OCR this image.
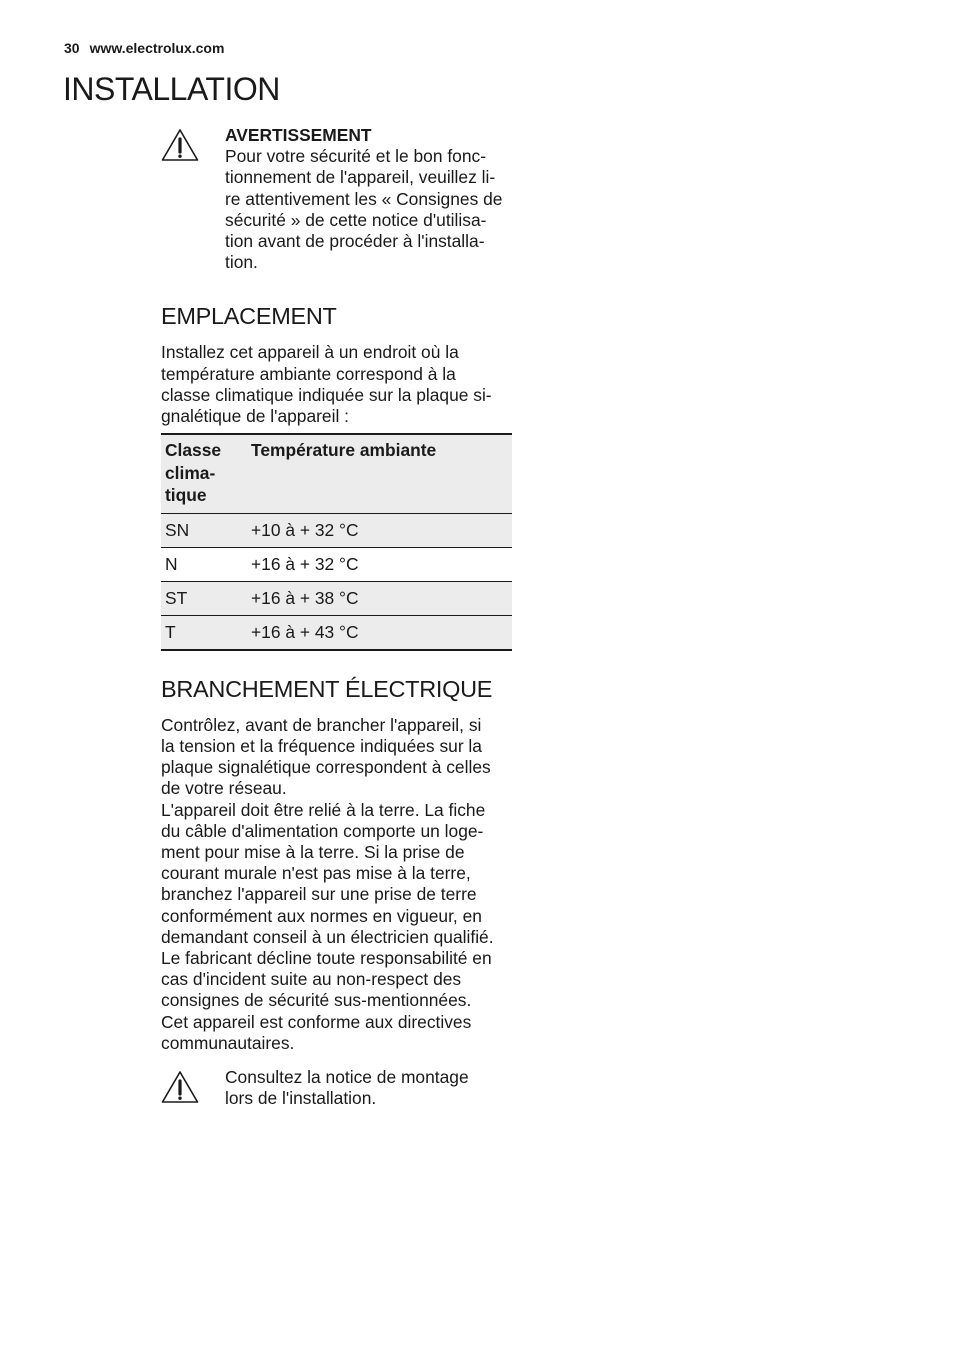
30 www.electrolux.com
INSTALLATION
AVERTISSEMENT

Pour votre sécurité et le bon fonc-
tionnement de l'appareil, veuillez li-
re attentivement les « Consignes de
sécurité » de cette notice d'utilisa-
tion avant de procéder à l'installa-
tion.

EMPLACEMENT

Installez cet appareil à un endroit où la
température ambiante correspond à la
classe climatique indiquée sur la plaque si-
gnalétique de l'appareil :

Classe
clima-
tique	Température ambiante
SN	+10 à + 32 °C
N	+16 à + 32 °C
ST	+16 à + 38 °C
T	+16 à + 43 °C
BRANCHEMENT ÉLECTRIQUE

Contrôlez, avant de brancher l'appareil, si
la tension et la fréquence indiquées sur la
plaque signalétique correspondent à celles
de votre réseau.
L'appareil doit être relié à la terre. La fiche
du câble d'alimentation comporte un loge-
ment pour mise à la terre. Si la prise de
courant murale n'est pas mise à la terre,
branchez l'appareil sur une prise de terre
conformément aux normes en vigueur, en
demandant conseil à un électricien qualifié.
Le fabricant décline toute responsabilité en
cas d'incident suite au non-respect des
consignes de sécurité sus-mentionnées.
Cet appareil est conforme aux directives
communautaires.

Consultez la notice de montage
lors de l'installation.
